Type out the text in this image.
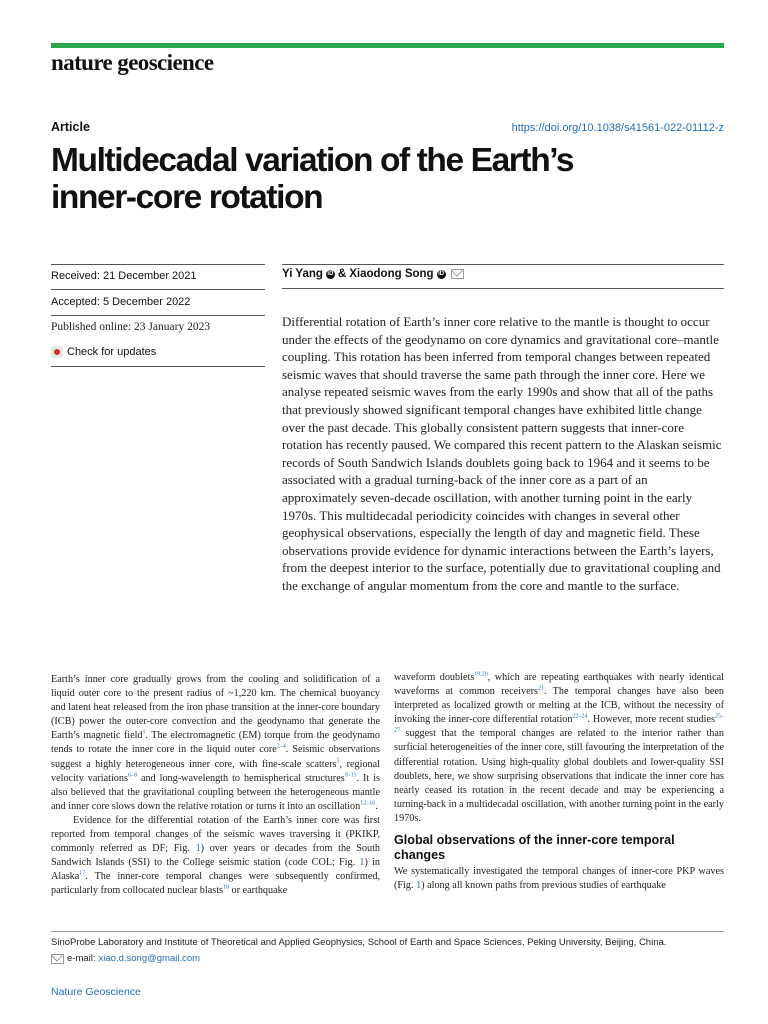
nature geoscience
Article	https://doi.org/10.1038/s41561-022-01112-z
Multidecadal variation of the Earth’s
inner-core rotation
Received: 21 December 2021
Accepted: 5 December 2022
Published online: 23 January 2023
Check for updates
Yi Yang iD & Xiaodong Song iD

Differential rotation of Earth’s inner core relative to the mantle is thought to occur under the effects of the geodynamo on core dynamics and gravitational core–mantle coupling. This rotation has been inferred from temporal changes between repeated seismic waves that should traverse the same path through the inner core. Here we analyse repeated seismic waves from the early 1990s and show that all of the paths that previously showed significant temporal changes have exhibited little change over the past decade. This globally consistent pattern suggests that inner-core rotation has recently paused. We compared this recent pattern to the Alaskan seismic records of South Sandwich Islands doublets going back to 1964 and it seems to be associated with a gradual turning-back of the inner core as a part of an approximately seven-decade oscillation, with another turning point in the early 1970s. This multidecadal periodicity coincides with changes in several other geophysical observations, especially the length of day and magnetic field. These observations provide evidence for dynamic interactions between the Earth’s layers, from the deepest interior to the surface, potentially due to gravitational coupling and the exchange of angular momentum from the core and mantle to the surface.

Earth’s inner core gradually grows from the cooling and solidification of a liquid outer core to the present radius of ~1,220 km. The chemical buoyancy and latent heat released from the iron phase transition at the inner-core boundary (ICB) power the outer-core convection and the geodynamo that generate the Earth’s magnetic field$^1$. The electromagnetic (EM) torque from the geodynamo tends to rotate the inner core in the liquid outer core$^{2-4}$. Seismic observations suggest a highly heterogeneous inner core, with fine-scale scatters$^5$, regional velocity variations$^{6-8}$ and long-wavelength to hemispherical structures$^{9-11}$. It is also believed that the gravitational coupling between the heterogeneous mantle and inner core slows down the relative rotation or turns it into an oscillation$^{12-16}$.

Evidence for the differential rotation of the Earth’s inner core was first reported from temporal changes of the seismic waves traversing it (PKIKP, commonly referred as DF; Fig. 1) over years or decades from the South Sandwich Islands (SSI) to the College seismic station (code COL; Fig. 1) in Alaska$^{17}$. The inner-core temporal changes were subsequently confirmed, particularly from collocated nuclear blasts$^{18}$ or earthquake

waveform doublets$^{19,20}$, which are repeating earthquakes with nearly identical waveforms at common receivers$^{21}$. The temporal changes have also been interpreted as localized growth or melting at the ICB, without the necessity of invoking the inner-core differential rotation$^{22-24}$. However, more recent studies$^{25-27}$ suggest that the temporal changes are related to the interior rather than surficial heterogeneities of the inner core, still favouring the interpretation of the differential rotation. Using high-quality global doublets and lower-quality SSI doublets, here, we show surprising observations that indicate the inner core has nearly ceased its rotation in the recent decade and may be experiencing a turning-back in a multidecadal oscillation, with another turning point in the early 1970s.

Global observations of the inner-core temporal changes

We systematically investigated the temporal changes of inner-core PKP waves (Fig. 1) along all known paths from previous studies of earthquake

SinoProbe Laboratory and Institute of Theoretical and Applied Geophysics, School of Earth and Space Sciences, Peking University, Beijing, China.
e-mail: xiao.d.song@gmail.com
Nature Geoscience
